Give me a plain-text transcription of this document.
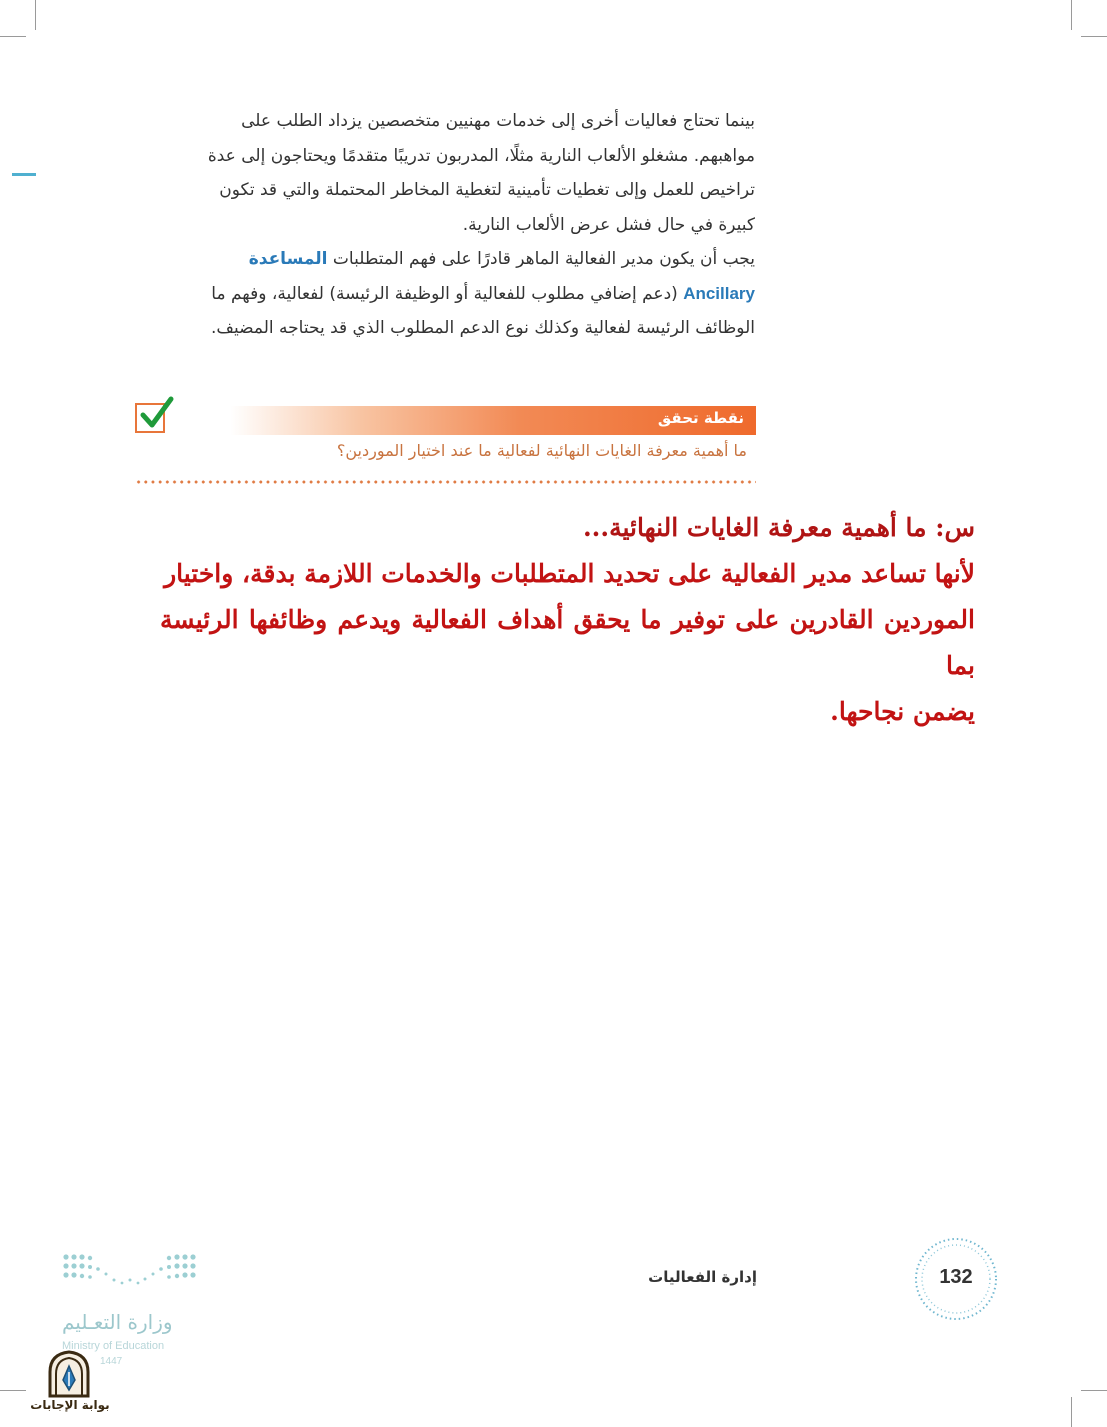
بينما تحتاج فعاليات أخرى إلى خدمات مهنيين متخصصين يزداد الطلب على

مواهبهم. مشغلو الألعاب النارية مثلًا، المدربون تدريبًا متقدمًا ويحتاجون إلى عدة

تراخيص للعمل وإلى تغطيات تأمينية لتغطية المخاطر المحتملة والتي قد تكون

كبيرة في حال فشل عرض الألعاب النارية.

يجب أن يكون مدير الفعالية الماهر قادرًا على فهم المتطلبات المساعدة

Ancillary (دعم إضافي مطلوب للفعالية أو الوظيفة الرئيسة) لفعالية، وفهم ما

الوظائف الرئيسة لفعالية وكذلك نوع الدعم المطلوب الذي قد يحتاجه المضيف.

نقطة تحقق
ما أهمية معرفة الغايات النهائية لفعالية ما عند اختيار الموردين؟

س: ما أهمية معرفة الغايات النهائية...

لأنها تساعد مدير الفعالية على تحديد المتطلبات والخدمات اللازمة بدقة، واختيار

الموردين القادرين على توفير ما يحقق أهداف الفعالية ويدعم وظائفها الرئيسة بما

يضمن نجاحها.

132
إدارة الفعاليات
وزارة التعـليم
Ministry of Education
1447
بوابة الإجابات
